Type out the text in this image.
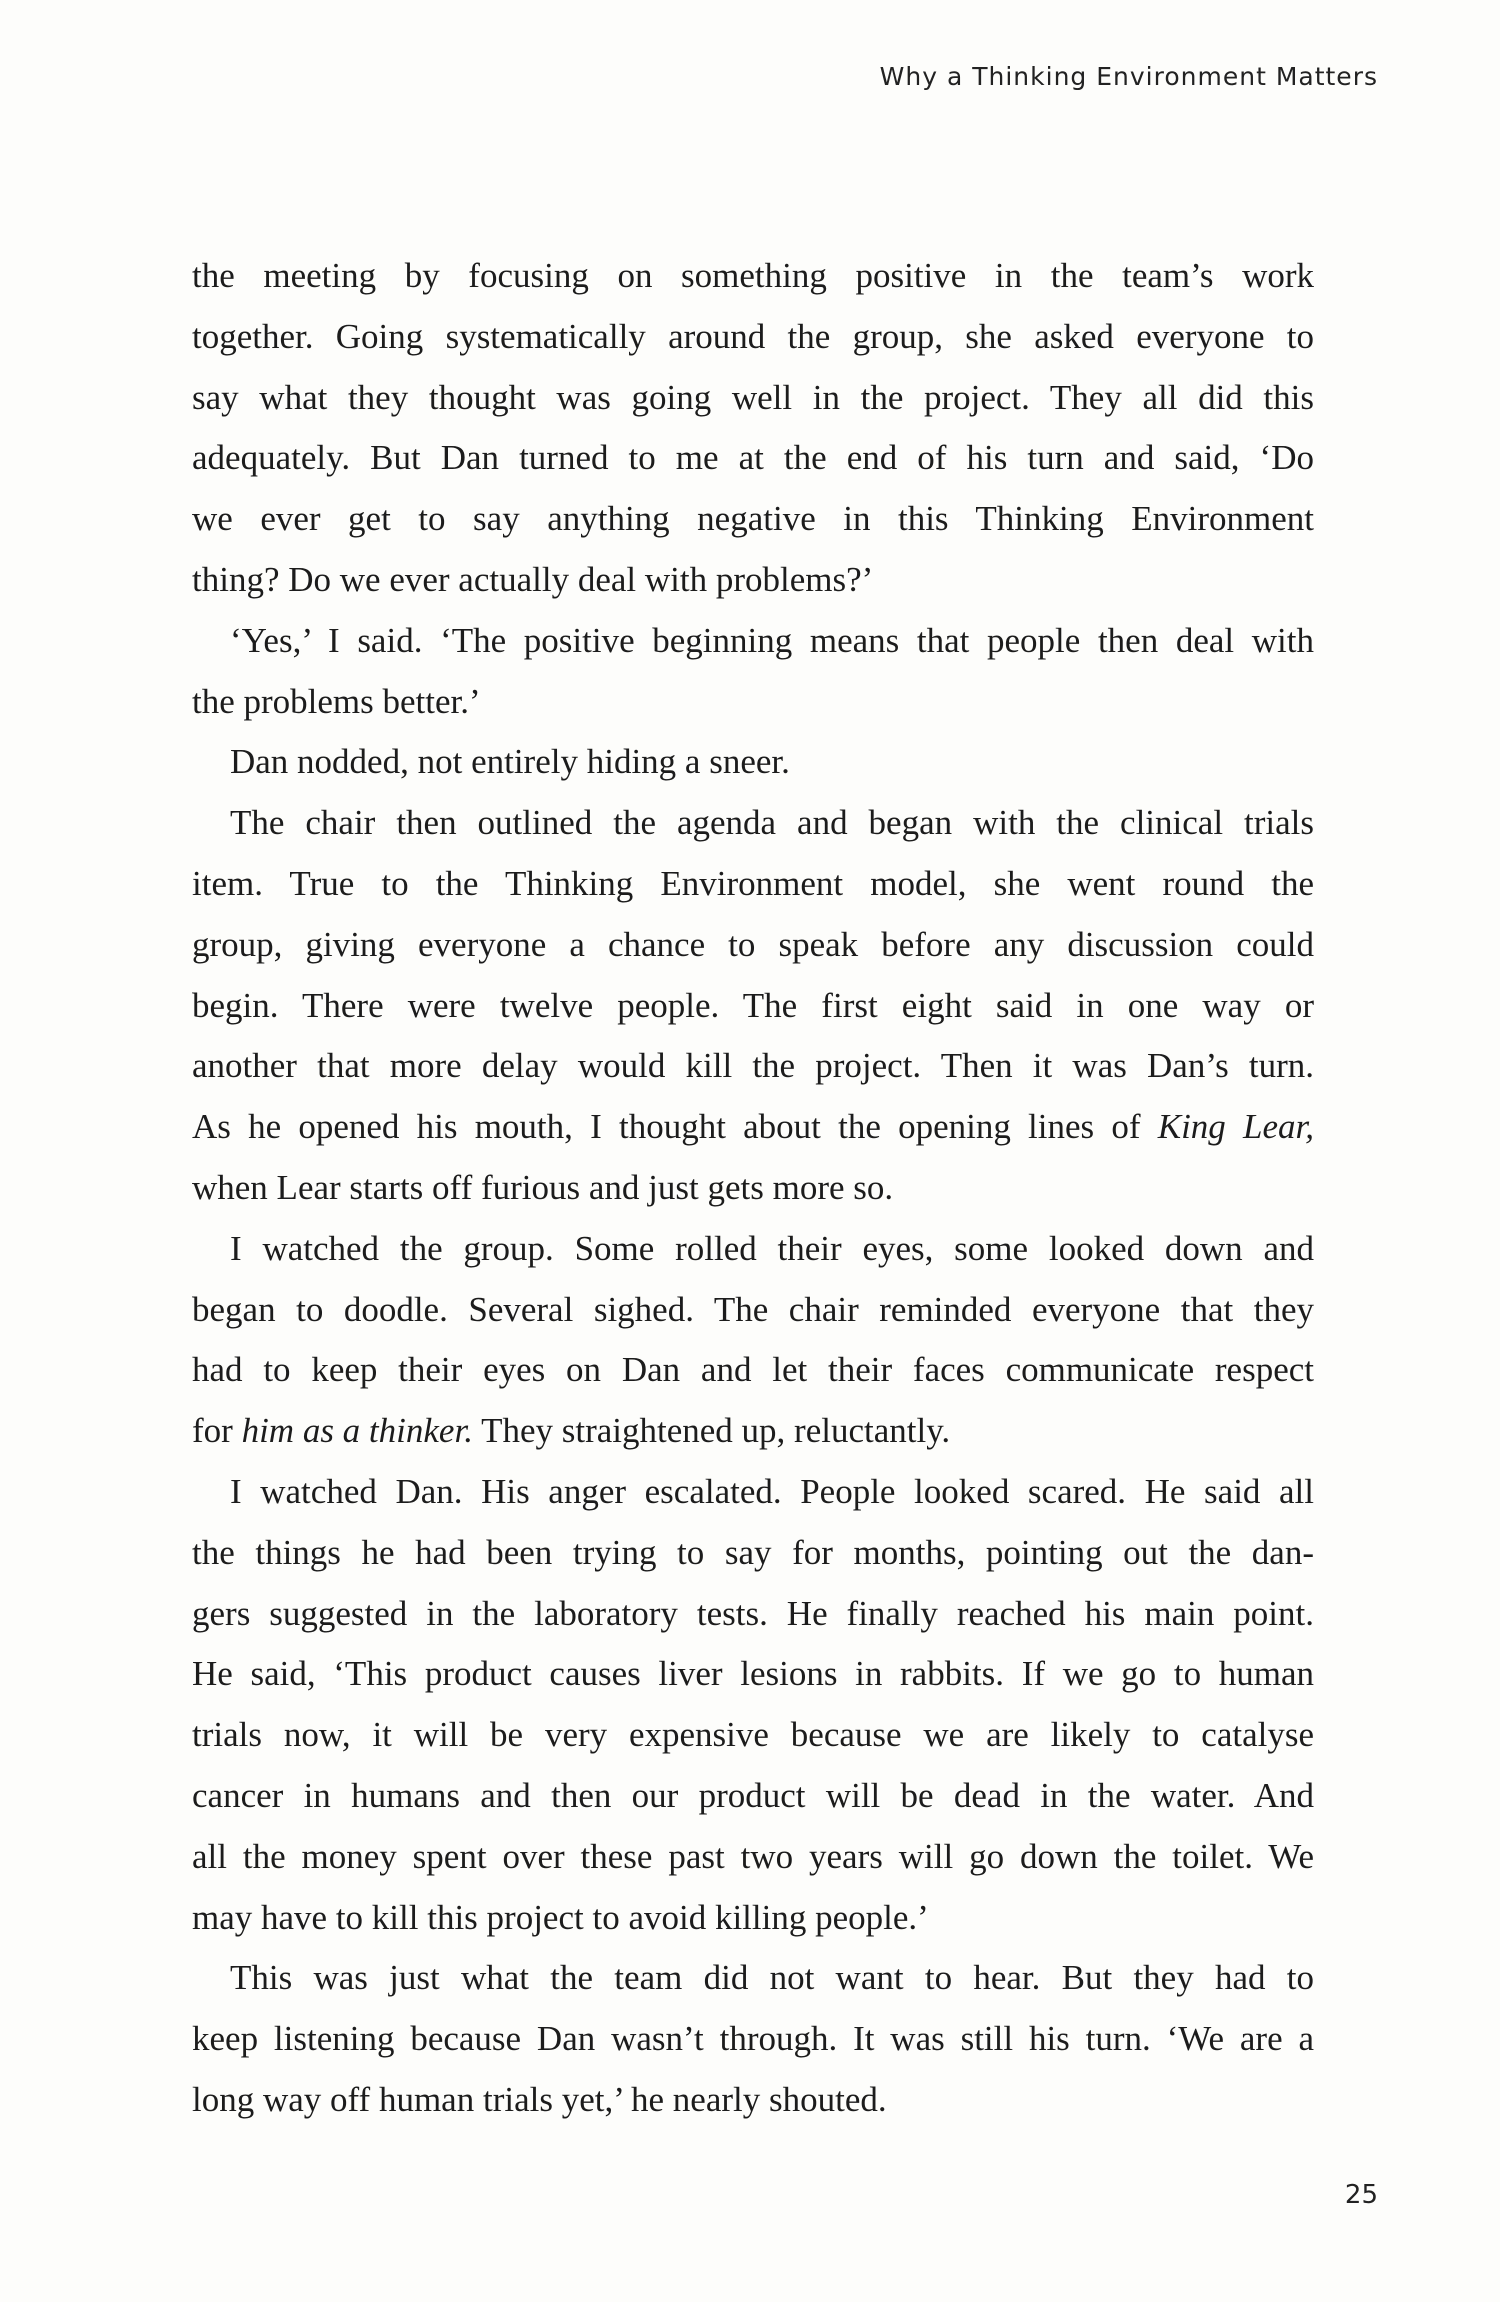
Why a Thinking Environment Matters
the meeting by focusing on something positive in the team’s work
together. Going systematically around the group, she asked everyone to
say what they thought was going well in the project. They all did this
adequately. But Dan turned to me at the end of his turn and said, ‘Do
we ever get to say anything negative in this Thinking Environment
thing? Do we ever actually deal with problems?’
‘Yes,’ I said. ‘The positive beginning means that people then deal with
the problems better.’
Dan nodded, not entirely hiding a sneer.
The chair then outlined the agenda and began with the clinical trials
item. True to the Thinking Environment model, she went round the
group, giving everyone a chance to speak before any discussion could
begin. There were twelve people. The first eight said in one way or
another that more delay would kill the project. Then it was Dan’s turn.
As he opened his mouth, I thought about the opening lines of King Lear,
when Lear starts off furious and just gets more so.
I watched the group. Some rolled their eyes, some looked down and
began to doodle. Several sighed. The chair reminded everyone that they
had to keep their eyes on Dan and let their faces communicate respect
for him as a thinker. They straightened up, reluctantly.
I watched Dan. His anger escalated. People looked scared. He said all
the things he had been trying to say for months, pointing out the dan-
gers suggested in the laboratory tests. He finally reached his main point.
He said, ‘This product causes liver lesions in rabbits. If we go to human
trials now, it will be very expensive because we are likely to catalyse
cancer in humans and then our product will be dead in the water. And
all the money spent over these past two years will go down the toilet. We
may have to kill this project to avoid killing people.’
This was just what the team did not want to hear. But they had to
keep listening because Dan wasn’t through. It was still his turn. ‘We are a
long way off human trials yet,’ he nearly shouted.
25
